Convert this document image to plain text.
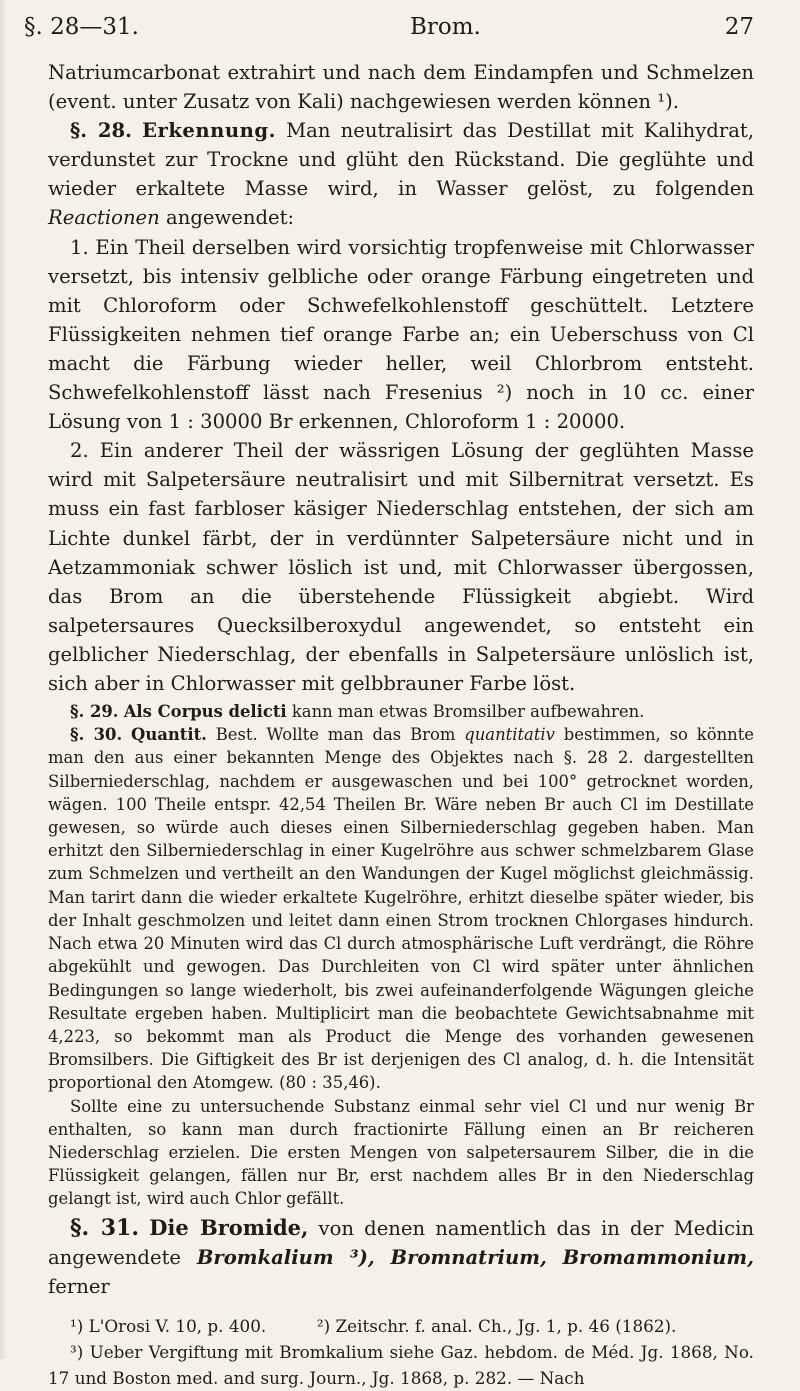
§. 28—31.	Brom.	27

Natriumcarbonat extrahirt und nach dem Eindampfen und Schmelzen (event. unter Zusatz von Kali) nachgewiesen werden können ¹).

§. 28. Erkennung. Man neutralisirt das Destillat mit Kalihydrat, verdunstet zur Trockne und glüht den Rückstand. Die geglühte und wieder erkaltete Masse wird, in Wasser gelöst, zu folgenden Reactionen angewendet:

1. Ein Theil derselben wird vorsichtig tropfenweise mit Chlorwasser versetzt, bis intensiv gelbliche oder orange Färbung eingetreten und mit Chloroform oder Schwefelkohlenstoff geschüttelt. Letztere Flüssigkeiten nehmen tief orange Farbe an; ein Ueberschuss von Cl macht die Färbung wieder heller, weil Chlorbrom entsteht. Schwefelkohlenstoff lässt nach Fresenius ²) noch in 10 cc. einer Lösung von 1 : 30000 Br erkennen, Chloroform 1 : 20000.

2. Ein anderer Theil der wässrigen Lösung der geglühten Masse wird mit Salpetersäure neutralisirt und mit Silbernitrat versetzt. Es muss ein fast farbloser käsiger Niederschlag entstehen, der sich am Lichte dunkel färbt, der in verdünnter Salpetersäure nicht und in Aetzammoniak schwer löslich ist und, mit Chlorwasser übergossen, das Brom an die überstehende Flüssigkeit abgiebt. Wird salpetersaures Quecksilberoxydul angewendet, so entsteht ein gelblicher Niederschlag, der ebenfalls in Salpetersäure unlöslich ist, sich aber in Chlorwasser mit gelbbrauner Farbe löst.

§. 29. Als Corpus delicti kann man etwas Bromsilber aufbewahren.

§. 30. Quantit. Best. Wollte man das Brom quantitativ bestimmen, so könnte man den aus einer bekannten Menge des Objektes nach §. 28 2. dargestellten Silberniederschlag, nachdem er ausgewaschen und bei 100° getrocknet worden, wägen. 100 Theile entspr. 42,54 Theilen Br. Wäre neben Br auch Cl im Destillate gewesen, so würde auch dieses einen Silberniederschlag gegeben haben. Man erhitzt den Silberniederschlag in einer Kugelröhre aus schwer schmelzbarem Glase zum Schmelzen und vertheilt an den Wandungen der Kugel möglichst gleichmässig. Man tarirt dann die wieder erkaltete Kugelröhre, erhitzt dieselbe später wieder, bis der Inhalt geschmolzen und leitet dann einen Strom trocknen Chlorgases hindurch. Nach etwa 20 Minuten wird das Cl durch atmosphärische Luft verdrängt, die Röhre abgekühlt und gewogen. Das Durchleiten von Cl wird später unter ähnlichen Bedingungen so lange wiederholt, bis zwei aufeinanderfolgende Wägungen gleiche Resultate ergeben haben. Multiplicirt man die beobachtete Gewichtsabnahme mit 4,223, so bekommt man als Product die Menge des vorhanden gewesenen Bromsilbers. Die Giftigkeit des Br ist derjenigen des Cl analog, d. h. die Intensität proportional den Atomgew. (80 : 35,46).

Sollte eine zu untersuchende Substanz einmal sehr viel Cl und nur wenig Br enthalten, so kann man durch fractionirte Fällung einen an Br reicheren Niederschlag erzielen. Die ersten Mengen von salpetersaurem Silber, die in die Flüssigkeit gelangen, fällen nur Br, erst nachdem alles Br in den Niederschlag gelangt ist, wird auch Chlor gefällt.

§. 31. Die Bromide, von denen namentlich das in der Medicin angewendete Bromkalium ³), Bromnatrium, Bromammonium, ferner

¹) L'Orosi V. 10, p. 400.	²) Zeitschr. f. anal. Ch., Jg. 1, p. 46 (1862).

³) Ueber Vergiftung mit Bromkalium siehe Gaz. hebdom. de Méd. Jg. 1868, No. 17 und Boston med. and surg. Journ., Jg. 1868, p. 282. — Nach
